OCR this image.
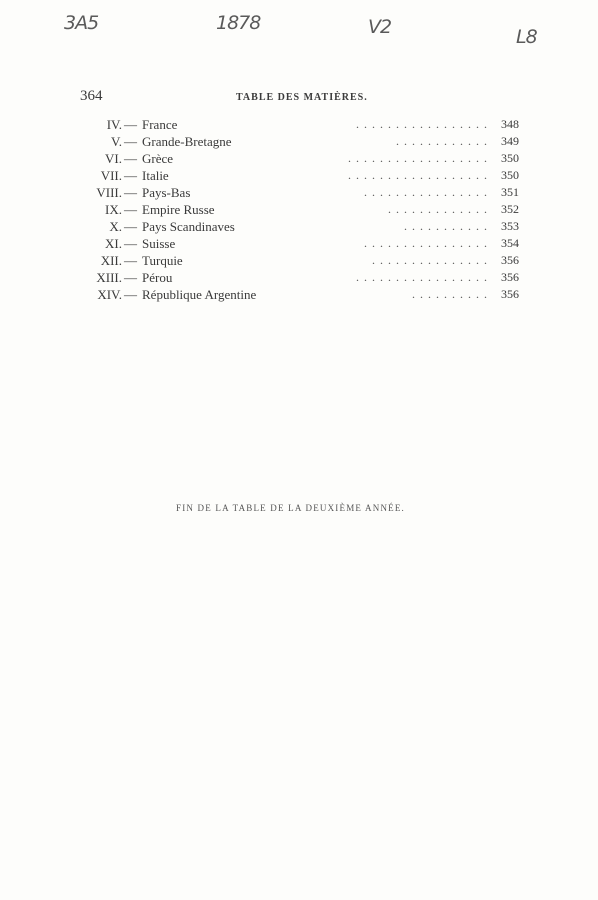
3A5	1878	V2	L8
364	TABLE DES MATIÈRES.
IV. — France	................. 348
V. — Grande-Bretagne	............ 349
VI. — Grèce	.................. 350
VII. — Italie	.................. 350
VIII. — Pays-Bas	................ 351
IX. — Empire Russe	............. 352
X. — Pays Scandinaves	........... 353
XI. — Suisse	................ 354
XII. — Turquie	............... 356
XIII. — Pérou	................. 356
XIV. — République Argentine	.......... 356
FIN DE LA TABLE DE LA DEUXIÈME ANNÉE.
